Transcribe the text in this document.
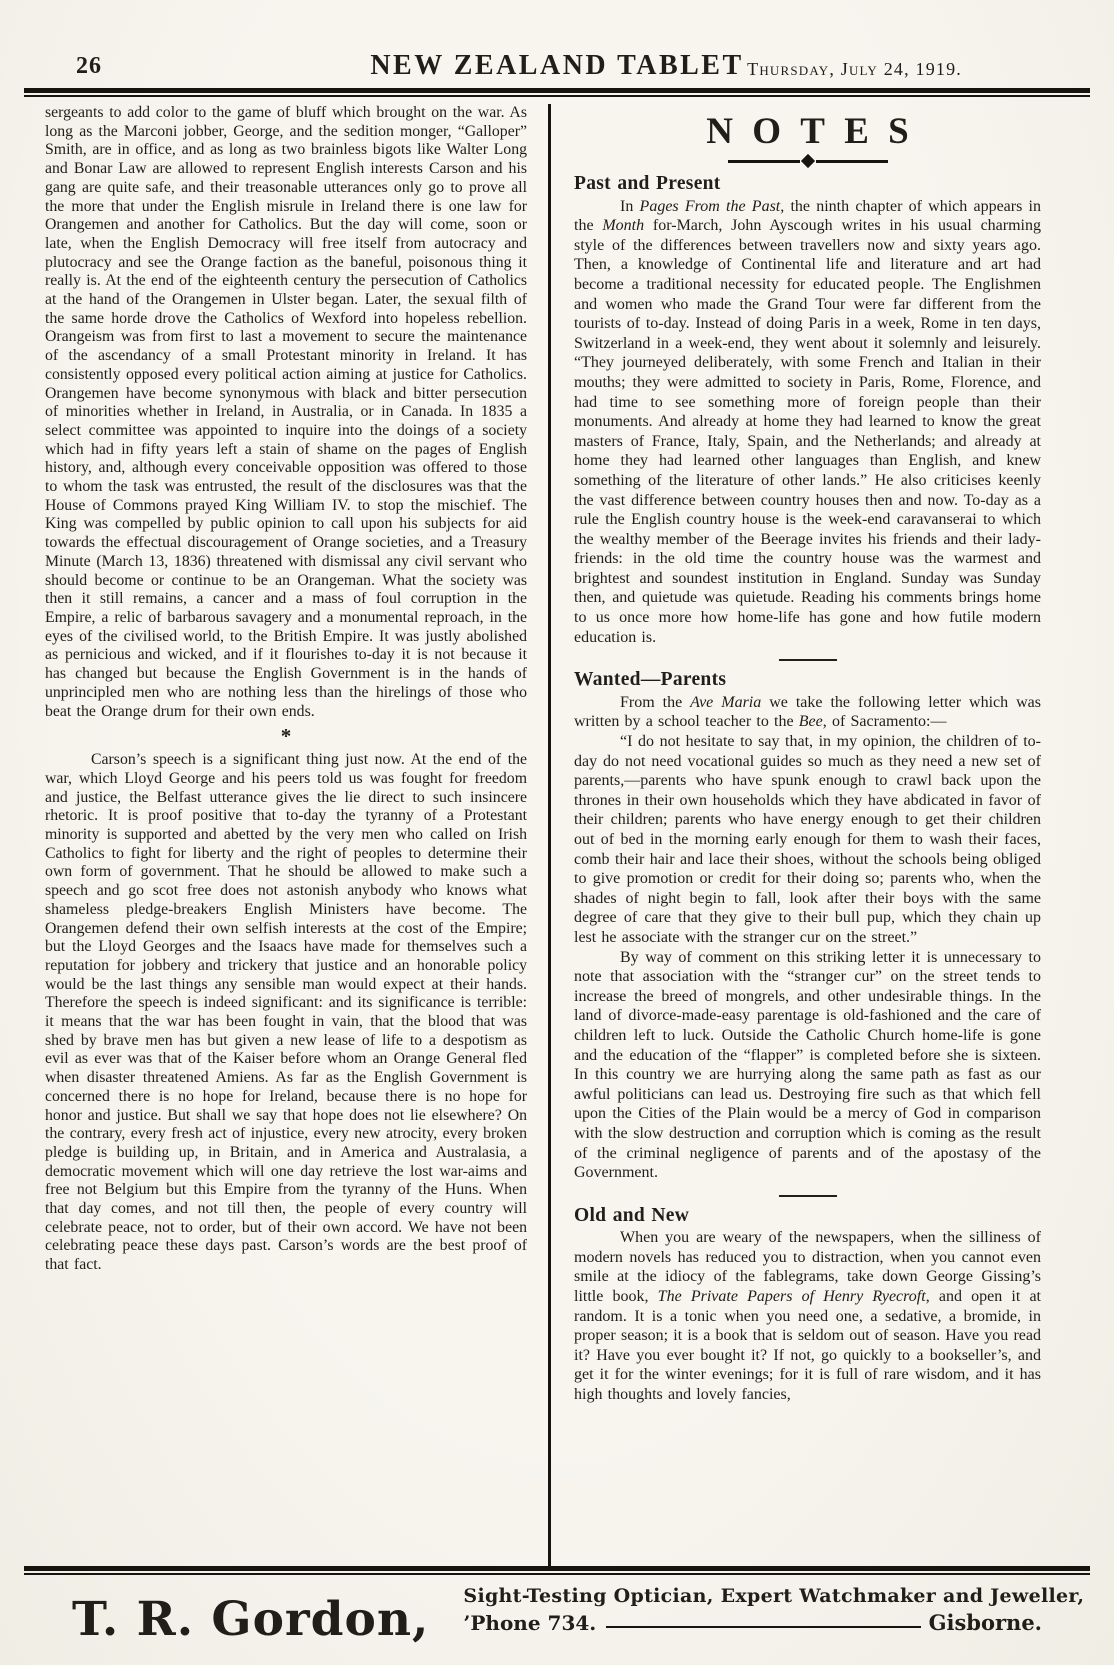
26	NEW ZEALAND TABLET Thursday, July 24, 1919.

sergeants to add color to the game of bluff which brought on the war. As long as the Marconi jobber, George, and the sedition monger, “Galloper” Smith, are in office, and as long as two brainless bigots like Walter Long and Bonar Law are allowed to represent English interests Carson and his gang are quite safe, and their treasonable utterances only go to prove all the more that under the English misrule in Ireland there is one law for Orangemen and another for Catholics. But the day will come, soon or late, when the English Democracy will free itself from autocracy and plutocracy and see the Orange faction as the baneful, poisonous thing it really is. At the end of the eighteenth century the persecution of Catholics at the hand of the Orangemen in Ulster began. Later, the sexual filth of the same horde drove the Catholics of Wexford into hopeless rebellion. Orangeism was from first to last a movement to secure the maintenance of the ascendancy of a small Protestant minority in Ireland. It has consistently opposed every political action aiming at justice for Catholics. Orangemen have become synonymous with black and bitter persecution of minorities whether in Ireland, in Australia, or in Canada. In 1835 a select committee was appointed to inquire into the doings of a society which had in fifty years left a stain of shame on the pages of English history, and, although every conceivable opposition was offered to those to whom the task was entrusted, the result of the disclosures was that the House of Commons prayed King William IV. to stop the mischief. The King was compelled by public opinion to call upon his subjects for aid towards the effectual discouragement of Orange societies, and a Treasury Minute (March 13, 1836) threatened with dismissal any civil servant who should become or continue to be an Orangeman. What the society was then it still remains, a cancer and a mass of foul corruption in the Empire, a relic of barbarous savagery and a monumental reproach, in the eyes of the civilised world, to the British Empire. It was justly abolished as pernicious and wicked, and if it flourishes to-day it is not because it has changed but because the English Government is in the hands of unprincipled men who are nothing less than the hirelings of those who beat the Orange drum for their own ends.

*

Carson’s speech is a significant thing just now. At the end of the war, which Lloyd George and his peers told us was fought for freedom and justice, the Belfast utterance gives the lie direct to such insincere rhetoric. It is proof positive that to-day the tyranny of a Protestant minority is supported and abetted by the very men who called on Irish Catholics to fight for liberty and the right of peoples to determine their own form of government. That he should be allowed to make such a speech and go scot free does not astonish anybody who knows what shameless pledge-breakers English Ministers have become. The Orangemen defend their own selfish interests at the cost of the Empire; but the Lloyd Georges and the Isaacs have made for themselves such a reputation for jobbery and trickery that justice and an honorable policy would be the last things any sensible man would expect at their hands. Therefore the speech is indeed significant: and its significance is terrible: it means that the war has been fought in vain, that the blood that was shed by brave men has but given a new lease of life to a despotism as evil as ever was that of the Kaiser before whom an Orange General fled when disaster threatened Amiens. As far as the English Government is concerned there is no hope for Ireland, because there is no hope for honor and justice. But shall we say that hope does not lie elsewhere? On the contrary, every fresh act of injustice, every new atrocity, every broken pledge is building up, in Britain, and in America and Australasia, a democratic movement which will one day retrieve the lost war-aims and free not Belgium but this Empire from the tyranny of the Huns. When that day comes, and not till then, the people of every country will celebrate peace, not to order, but of their own accord. We have not been celebrating peace these days past. Carson’s words are the best proof of that fact.

NOTES
Past and Present

In Pages From the Past, the ninth chapter of which appears in the Month for-March, John Ayscough writes in his usual charming style of the differences between travellers now and sixty years ago. Then, a knowledge of Continental life and literature and art had become a traditional necessity for educated people. The Englishmen and women who made the Grand Tour were far different from the tourists of to-day. Instead of doing Paris in a week, Rome in ten days, Switzerland in a week-end, they went about it solemnly and leisurely. “They journeyed deliberately, with some French and Italian in their mouths; they were admitted to society in Paris, Rome, Florence, and had time to see something more of foreign people than their monuments. And already at home they had learned to know the great masters of France, Italy, Spain, and the Netherlands; and already at home they had learned other languages than English, and knew something of the literature of other lands.” He also criticises keenly the vast difference between country houses then and now. To-day as a rule the English country house is the week-end caravanserai to which the wealthy member of the Beerage invites his friends and their lady-friends: in the old time the country house was the warmest and brightest and soundest institution in England. Sunday was Sunday then, and quietude was quietude. Reading his comments brings home to us once more how home-life has gone and how futile modern education is.

Wanted—Parents

From the Ave Maria we take the following letter which was written by a school teacher to the Bee, of Sacramento:—

“I do not hesitate to say that, in my opinion, the children of to-day do not need vocational guides so much as they need a new set of parents,—parents who have spunk enough to crawl back upon the thrones in their own households which they have abdicated in favor of their children; parents who have energy enough to get their children out of bed in the morning early enough for them to wash their faces, comb their hair and lace their shoes, without the schools being obliged to give promotion or credit for their doing so; parents who, when the shades of night begin to fall, look after their boys with the same degree of care that they give to their bull pup, which they chain up lest he associate with the stranger cur on the street.”

By way of comment on this striking letter it is unnecessary to note that association with the “stranger cur” on the street tends to increase the breed of mongrels, and other undesirable things. In the land of divorce-made-easy parentage is old-fashioned and the care of children left to luck. Outside the Catholic Church home-life is gone and the education of the “flapper” is completed before she is sixteen. In this country we are hurrying along the same path as fast as our awful politicians can lead us. Destroying fire such as that which fell upon the Cities of the Plain would be a mercy of God in comparison with the slow destruction and corruption which is coming as the result of the criminal negligence of parents and of the apostasy of the Government.

Old and New

When you are weary of the newspapers, when the silliness of modern novels has reduced you to distraction, when you cannot even smile at the idiocy of the fablegrams, take down George Gissing’s little book, The Private Papers of Henry Ryecroft, and open it at random. It is a tonic when you need one, a sedative, a bromide, in proper season; it is a book that is seldom out of season. Have you read it? Have you ever bought it? If not, go quickly to a bookseller’s, and get it for the winter evenings; for it is full of rare wisdom, and it has high thoughts and lovely fancies,

T. R. Gordon, Sight-Testing Optician, Expert Watchmaker and Jeweller,
’Phone 734.	Gisborne.
